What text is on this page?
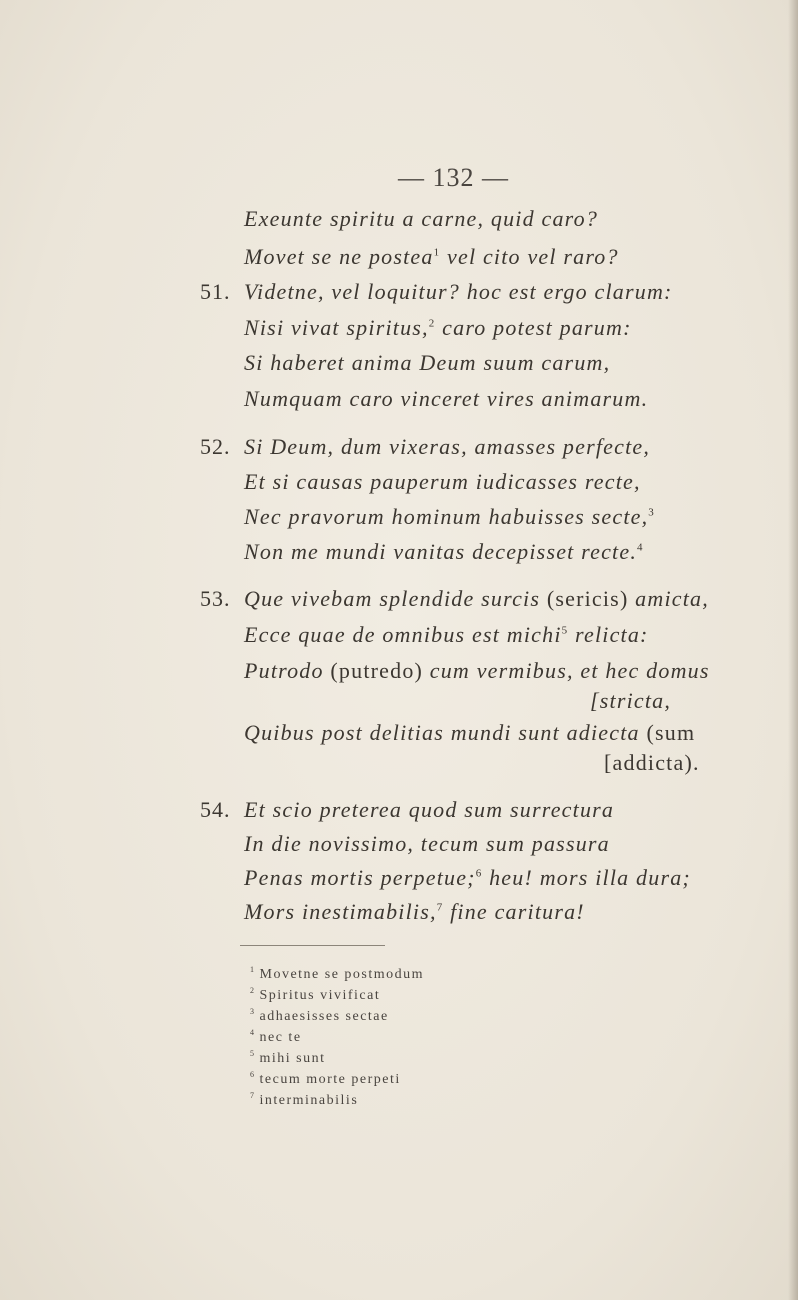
— 132 —
Exeunte spiritu a carne, quid caro?
Movet se ne postea$^1$ vel cito vel raro?
51. Videtne, vel loquitur? hoc est ergo clarum:
Nisi vivat spiritus,$^2$ caro potest parum:
Si haberet anima Deum suum carum,
Numquam caro vinceret vires animarum.
52. Si Deum, dum vixeras, amasses perfecte,
Et si causas pauperum iudicasses recte,
Nec pravorum hominum habuisses secte,$^3$
Non me mundi vanitas decepisset recte.$^4$
53. Que vivebam splendide surcis (sericis) amicta,
Ecce quae de omnibus est michi$^5$ relicta:
Putrodo (putredo) cum vermibus, et hec domus
[stricta,
Quibus post delitias mundi sunt adiecta (sum
[addicta).
54. Et scio preterea quod sum surrectura
In die novissimo, tecum sum passura
Penas mortis perpetue;$^6$ heu! mors illa dura;
Mors inestimabilis,$^7$ fine caritura!
$^1$ Movetne se postmodum
$^2$ Spiritus vivificat
$^3$ adhaesisses sectae
$^4$ nec te
$^5$ mihi sunt
$^6$ tecum morte perpeti
$^7$ interminabilis
